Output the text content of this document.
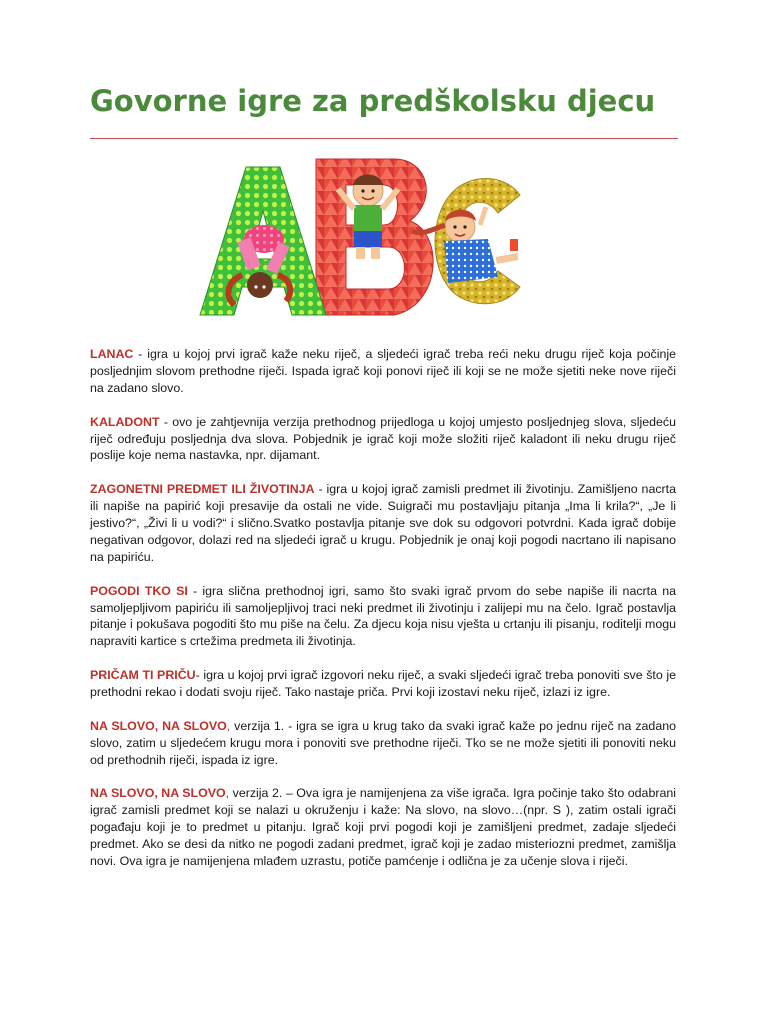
Govorne igre za predškolsku djecu

LANAC - igra u kojoj prvi igrač kaže neku riječ, a sljedeći igrač treba reći neku drugu riječ koja počinje posljednjim slovom prethodne riječi. Ispada igrač koji ponovi riječ ili koji se ne može sjetiti neke nove riječi na zadano slovo.

KALADONT - ovo je zahtjevnija verzija prethodnog prijedloga u kojoj umjesto posljednjeg slova, sljedeću riječ određuju posljednja dva slova. Pobjednik je igrač koji može složiti riječ kaladont ili neku drugu riječ poslije koje nema nastavka, npr. dijamant.

ZAGONETNI PREDMET ILI ŽIVOTINJA - igra u kojoj igrač zamisli predmet ili životinju. Zamišljeno nacrta ili napiše na papirić koji presavije da ostali ne vide. Suigrači mu postavljaju pitanja „Ima li krila?“, „Je li jestivo?“, „Živi li u vodi?“ i slično.Svatko postavlja pitanje sve dok su odgovori potvrdni. Kada igrač dobije negativan odgovor, dolazi red na sljedeći igrač u krugu. Pobjednik je onaj koji pogodi nacrtano ili napisano na papiriću.

POGODI TKO SI - igra slična prethodnoj igri, samo što svaki igrač prvom do sebe napiše ili nacrta na samoljepljivom papiriću ili samoljepljivoj traci neki predmet ili životinju i zalijepi mu na čelo. Igrač postavlja pitanje i pokušava pogoditi što mu piše na čelu. Za djecu koja nisu vješta u crtanju ili pisanju, roditelji mogu napraviti kartice s crtežima predmeta ili životinja.

PRIČAM TI PRIČU- igra u kojoj prvi igrač izgovori neku riječ, a svaki sljedeći igrač treba ponoviti sve što je prethodni rekao i dodati svoju riječ. Tako nastaje priča. Prvi koji izostavi neku riječ, izlazi iz igre.

NA SLOVO, NA SLOVO, verzija 1. - igra se igra u krug tako da svaki igrač kaže po jednu riječ na zadano slovo, zatim u sljedećem krugu mora i ponoviti sve prethodne riječi. Tko se ne može sjetiti ili ponoviti neku od prethodnih riječi, ispada iz igre.

NA SLOVO, NA SLOVO, verzija 2. – Ova igra je namijenjena za više igrača. Igra počinje tako što odabrani igrač zamisli predmet koji se nalazi u okruženju i kaže: Na slovo, na slovo…(npr. S ), zatim ostali igrači pogađaju koji je to predmet u pitanju. Igrač koji prvi pogodi koji je zamišljeni predmet, zadaje sljedeći predmet. Ako se desi da nitko ne pogodi zadani predmet, igrač koji je zadao misteriozni predmet, zamišlja novi. Ova igra je namijenjena mlađem uzrastu, potiče pamćenje i odlična je za učenje slova i riječi.
